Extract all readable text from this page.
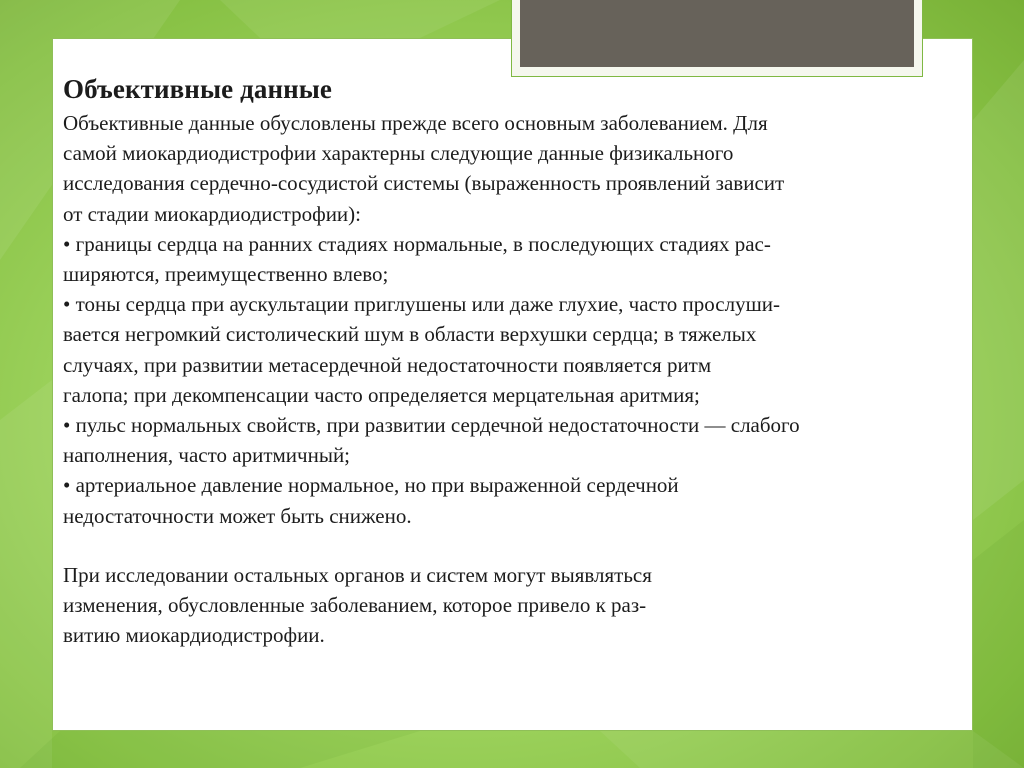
Объективные данные

Объективные данные обусловлены прежде всего основным заболеванием. Для

самой миокардиодистрофии характерны следующие данные физикального

исследования сердечно-сосудистой системы (выраженность проявлений зависит

от стадии миокардиодистрофии):

• границы сердца на ранних стадиях нормальные, в последующих стадиях рас-

ширяются, преимущественно влево;

• тоны сердца при аускультации приглушены или даже глухие, часто прослуши-

вается негромкий систолический шум в области верхушки сердца; в тяжелых

случаях, при развитии метасердечной недостаточности появляется ритм

галопа; при декомпенсации часто определяется мерцательная аритмия;

• пульс нормальных свойств, при развитии сердечной недостаточности — слабого

наполнения, часто аритмичный;

• артериальное давление нормальное, но при выраженной сердечной

недостаточности может быть снижено.

При исследовании остальных органов и систем могут выявляться

изменения, обусловленные заболеванием, которое привело к раз-

витию миокардиодистрофии.
